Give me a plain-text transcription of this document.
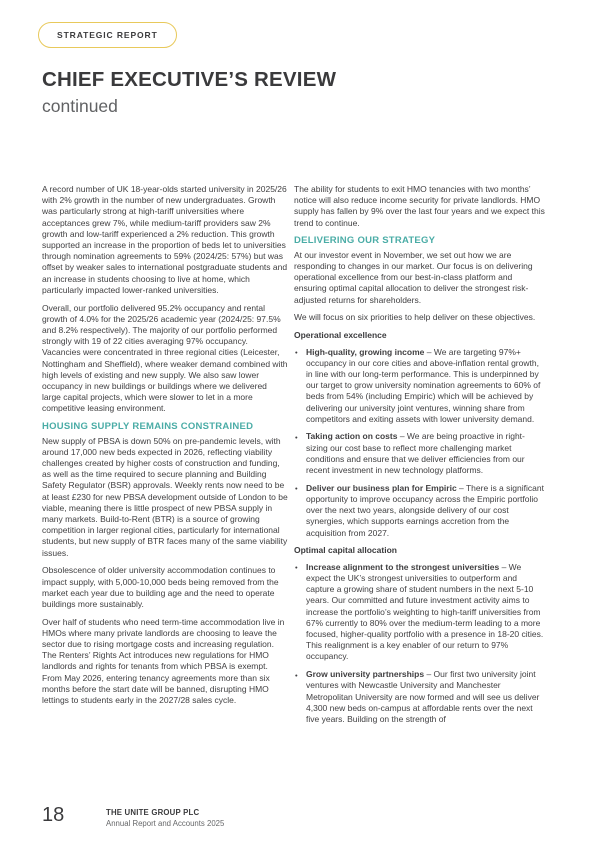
STRATEGIC REPORT
CHIEF EXECUTIVE’S REVIEW
continued

A record number of UK 18-year-olds started university in 2025/26 with 2% growth in the number of new undergraduates. Growth was particularly strong at high-tariff universities where acceptances grew 7%, while medium-tariff providers saw 2% growth and low-tariff experienced a 2% reduction. This growth supported an increase in the proportion of beds let to universities through nomination agreements to 59% (2024/25: 57%) but was offset by weaker sales to international postgraduate students and an increase in students choosing to live at home, which particularly impacted lower-ranked universities.

Overall, our portfolio delivered 95.2% occupancy and rental growth of 4.0% for the 2025/26 academic year (2024/25: 97.5% and 8.2% respectively). The majority of our portfolio performed strongly with 19 of 22 cities averaging 97% occupancy. Vacancies were concentrated in three regional cities (Leicester, Nottingham and Sheffield), where weaker demand combined with high levels of existing and new supply. We also saw lower occupancy in new buildings or buildings where we delivered large capital projects, which were slower to let in a more competitive leasing environment.

HOUSING SUPPLY REMAINS CONSTRAINED

New supply of PBSA is down 50% on pre-pandemic levels, with around 17,000 new beds expected in 2026, reflecting viability challenges created by higher costs of construction and funding, as well as the time required to secure planning and Building Safety Regulator (BSR) approvals. Weekly rents now need to be at least £230 for new PBSA development outside of London to be viable, meaning there is little prospect of new PBSA supply in many markets. Build-to-Rent (BTR) is a source of growing competition in larger regional cities, particularly for international students, but new supply of BTR faces many of the same viability issues.

Obsolescence of older university accommodation continues to impact supply, with 5,000-10,000 beds being removed from the market each year due to building age and the need to operate buildings more sustainably.

Over half of students who need term-time accommodation live in HMOs where many private landlords are choosing to leave the sector due to rising mortgage costs and increasing regulation. The Renters’ Rights Act introduces new regulations for HMO landlords and rights for tenants from which PBSA is exempt. From May 2026, entering tenancy agreements more than six months before the start date will be banned, disrupting HMO lettings to students early in the 2027/28 sales cycle.

The ability for students to exit HMO tenancies with two months’ notice will also reduce income security for private landlords. HMO supply has fallen by 9% over the last four years and we expect this trend to continue.

DELIVERING OUR STRATEGY

At our investor event in November, we set out how we are responding to changes in our market. Our focus is on delivering operational excellence from our best-in-class platform and ensuring optimal capital allocation to deliver the strongest risk-adjusted returns for shareholders.

We will focus on six priorities to help deliver on these objectives.

Operational excellence
• High-quality, growing income – We are targeting 97%+ occupancy in our core cities and above-inflation rental growth, in line with our long-term performance. This is underpinned by our target to grow university nomination agreements to 60% of beds from 54% (including Empiric) which will be achieved by delivering our university joint ventures, winning share from competitors and exiting assets with lower university demand.
• Taking action on costs – We are being proactive in right-sizing our cost base to reflect more challenging market conditions and ensure that we deliver efficiencies from our recent investment in new technology platforms.
• Deliver our business plan for Empiric – There is a significant opportunity to improve occupancy across the Empiric portfolio over the next two years, alongside delivery of our cost synergies, which supports earnings accretion from the acquisition from 2027.
Optimal capital allocation
• Increase alignment to the strongest universities – We expect the UK’s strongest universities to outperform and capture a growing share of student numbers in the next 5-10 years. Our committed and future investment activity aims to increase the portfolio’s weighting to high-tariff universities from 67% currently to 80% over the medium-term leading to a more focused, higher-quality portfolio with a presence in 18-20 cities. This realignment is a key enabler of our return to 97% occupancy.
• Grow university partnerships – Our first two university joint ventures with Newcastle University and Manchester Metropolitan University are now formed and will see us deliver 4,300 new beds on-campus at affordable rents over the next five years. Building on the strength of
18	THE UNITE GROUP PLC
Annual Report and Accounts 2025
